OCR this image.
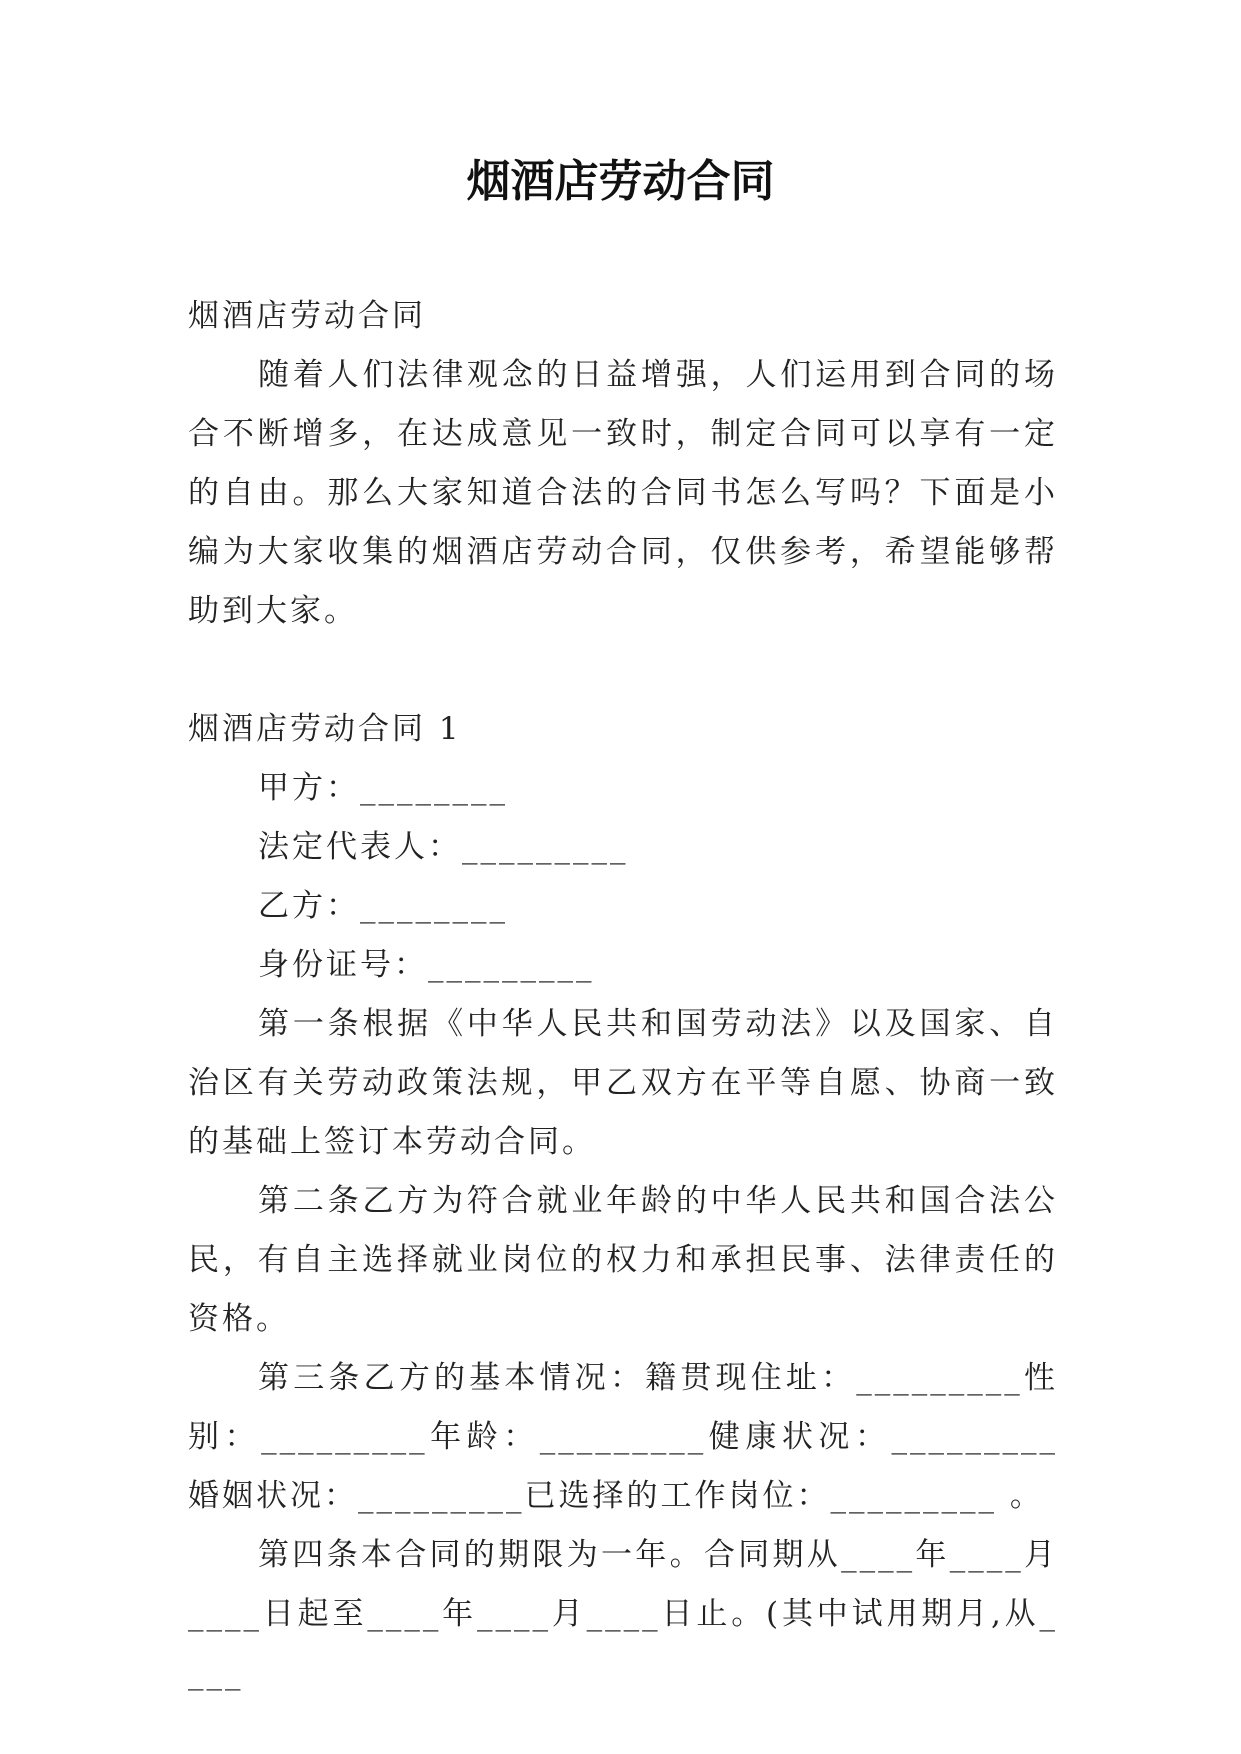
烟酒店劳动合同

烟酒店劳动合同

随着人们法律观念的日益增强，人们运用到合同的场合不断增多，在达成意见一致时，制定合同可以享有一定的自由。那么大家知道合法的合同书怎么写吗？下面是小编为大家收集的烟酒店劳动合同，仅供参考，希望能够帮助到大家。

烟酒店劳动合同 1

甲方：________

法定代表人：_________

乙方：________

身份证号：_________

第一条根据《中华人民共和国劳动法》以及国家、自治区有关劳动政策法规，甲乙双方在平等自愿、协商一致的基础上签订本劳动合同。

第二条乙方为符合就业年龄的中华人民共和国合法公民，有自主选择就业岗位的权力和承担民事、法律责任的资格。

第三条乙方的基本情况：籍贯现住址：_________性别：_________年龄：_________健康状况：_________婚姻状况：_________已选择的工作岗位：_________ 。

第四条本合同的期限为一年。合同期从____年____月____日起至____年____月____日止。(其中试用期月,从____
